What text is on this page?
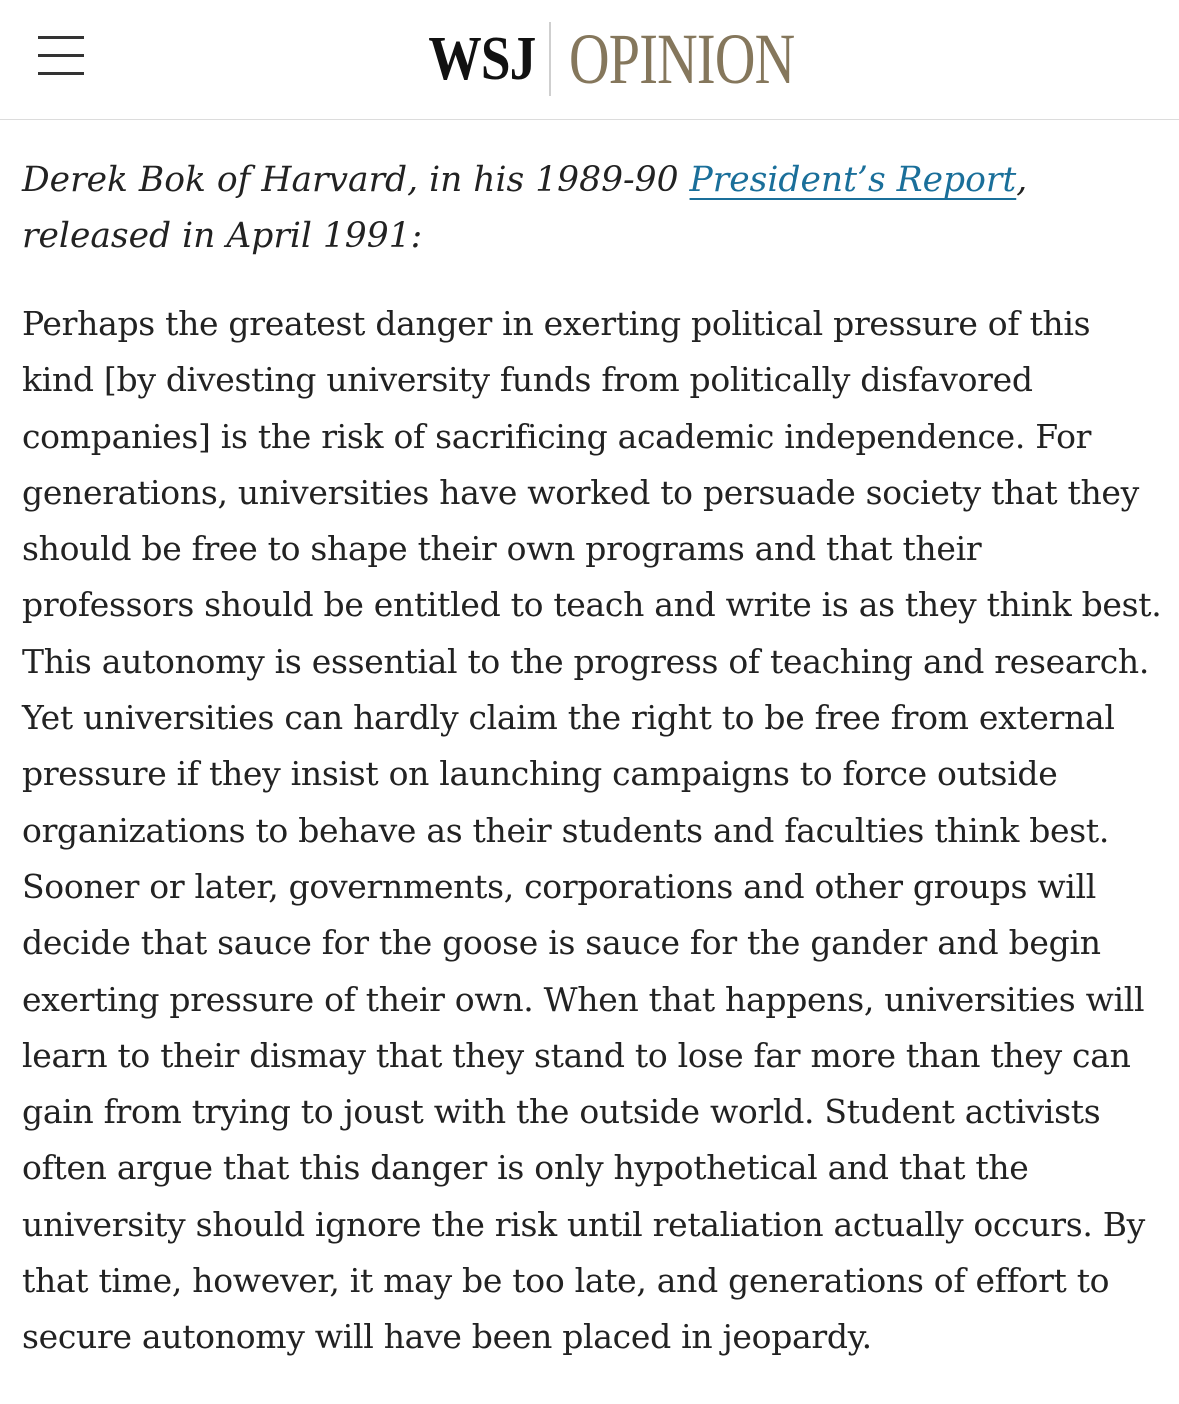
WSJ OPINION

Derek Bok of Harvard, in his 1989-90 President’s Report, released in April 1991:

Perhaps the greatest danger in exerting political pressure of this kind [by divesting university funds from politically disfavored companies] is the risk of sacrificing academic independence. For generations, universities have worked to persuade society that they should be free to shape their own programs and that their professors should be entitled to teach and write is as they think best. This autonomy is essential to the progress of teaching and research. Yet universities can hardly claim the right to be free from external pressure if they insist on launching campaigns to force outside organizations to behave as their students and faculties think best. Sooner or later, governments, corporations and other groups will decide that sauce for the goose is sauce for the gander and begin exerting pressure of their own. When that happens, universities will learn to their dismay that they stand to lose far more than they can gain from trying to joust with the outside world. Student activists often argue that this danger is only hypothetical and that the university should ignore the risk until retaliation actually occurs. By that time, however, it may be too late, and generations of effort to secure autonomy will have been placed in jeopardy.
